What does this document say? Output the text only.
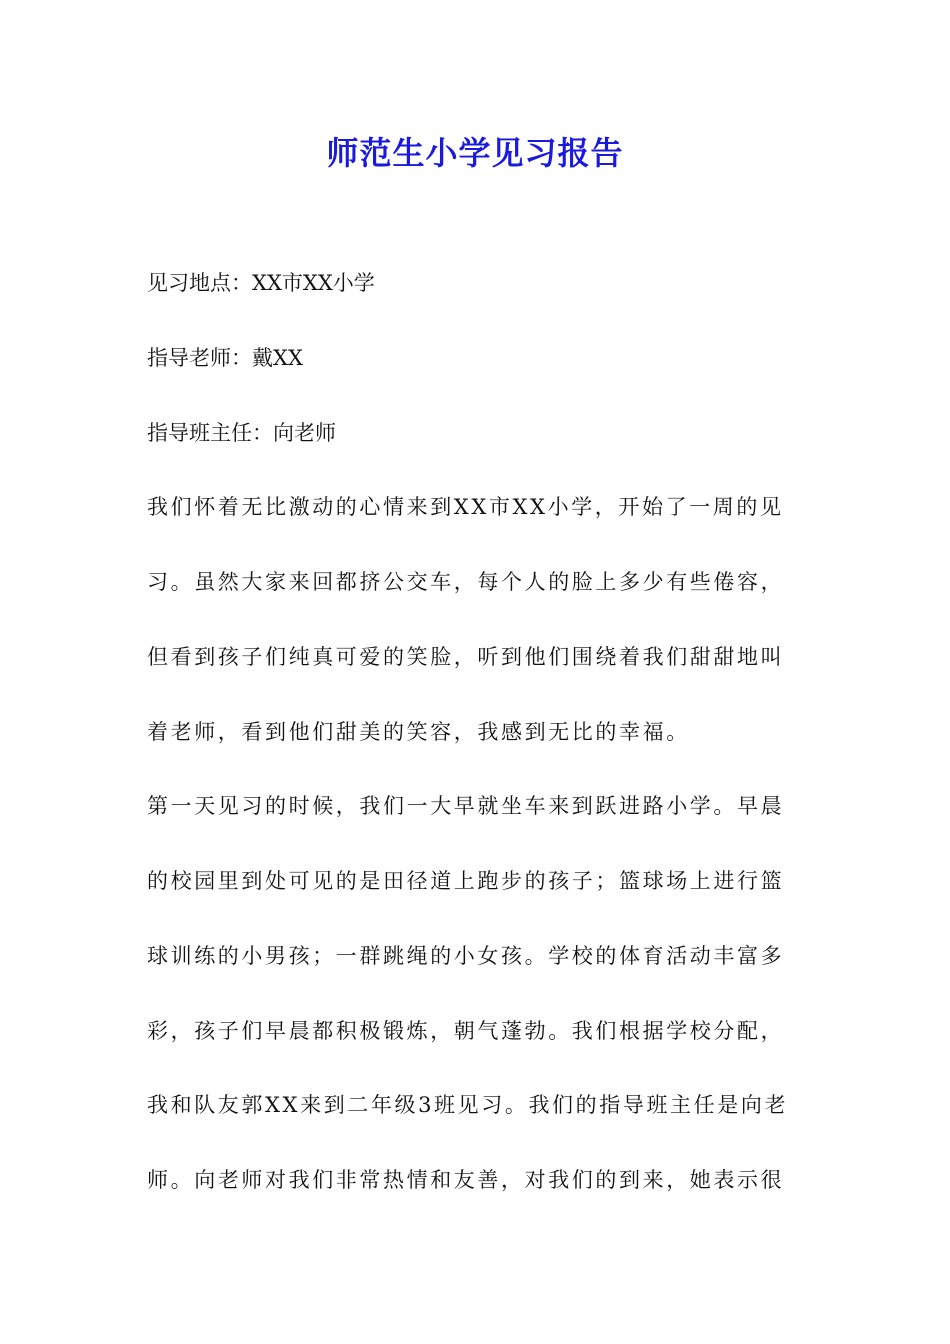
师范生小学见习报告

见习地点：XX市XX小学

指导老师：戴XX

指导班主任：向老师

我们怀着无比激动的心情来到XX市XX小学，开始了一周的见

习。虽然大家来回都挤公交车，每个人的脸上多少有些倦容，

但看到孩子们纯真可爱的笑脸，听到他们围绕着我们甜甜地叫

着老师，看到他们甜美的笑容，我感到无比的幸福。

第一天见习的时候，我们一大早就坐车来到跃进路小学。早晨

的校园里到处可见的是田径道上跑步的孩子；篮球场上进行篮

球训练的小男孩；一群跳绳的小女孩。学校的体育活动丰富多

彩，孩子们早晨都积极锻炼，朝气蓬勃。我们根据学校分配，

我和队友郭XX来到二年级3班见习。我们的指导班主任是向老

师。向老师对我们非常热情和友善，对我们的到来，她表示很
